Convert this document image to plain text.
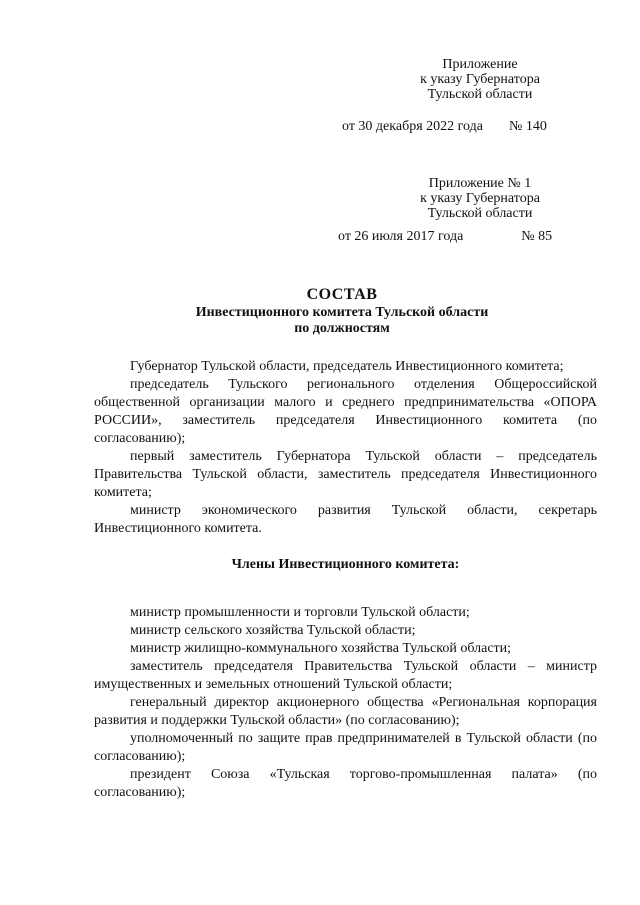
Приложение
к указу Губернатора
Тульской области
от 30 декабря 2022 года № 140
Приложение № 1
к указу Губернатора
Тульской области
от 26 июля 2017 года	№ 85
СОСТАВ
Инвестиционного комитета Тульской области
по должностям

Губернатор Тульской области, председатель Инвестиционного комитета;

председатель Тульского регионального отделения Общероссийской общественной организации малого и среднего предпринимательства «ОПОРА РОССИИ», заместитель председателя Инвестиционного комитета (по согласованию);

первый заместитель Губернатора Тульской области – председатель Правительства Тульской области, заместитель председателя Инвестиционного комитета;

министр экономического развития Тульской области, секретарь Инвестиционного комитета.

Члены Инвестиционного комитета:

министр промышленности и торговли Тульской области;

министр сельского хозяйства Тульской области;

министр жилищно-коммунального хозяйства Тульской области;

заместитель председателя Правительства Тульской области – министр имущественных и земельных отношений Тульской области;

генеральный директор акционерного общества «Региональная корпорация развития и поддержки Тульской области» (по согласованию);

уполномоченный по защите прав предпринимателей в Тульской области (по согласованию);

президент Союза «Тульская торгово-промышленная палата» (по согласованию);
